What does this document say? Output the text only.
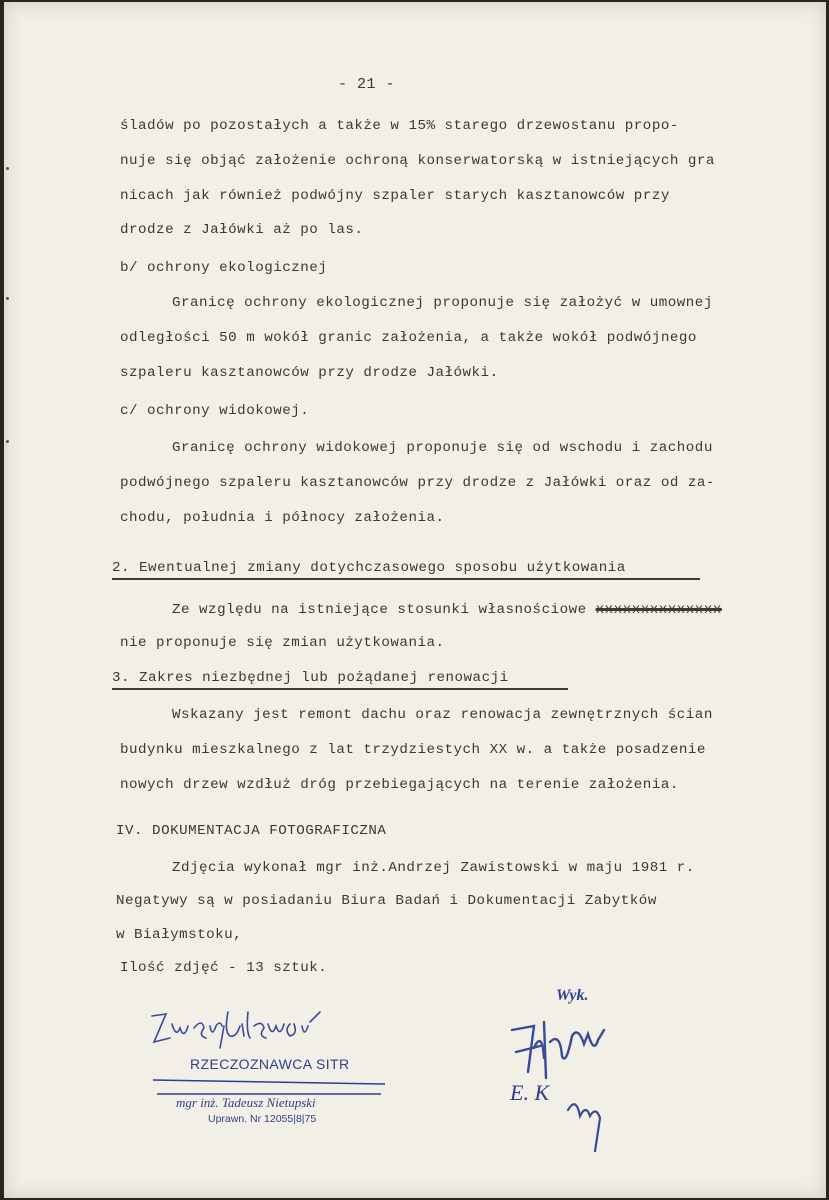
- 21 -
śladów po pozostałych a także w 15% starego drzewostanu propo-
nuje się objąć założenie ochroną konserwatorską w istniejących gra
nicach jak również podwójny szpaler starych kasztanowców przy
drodze z Jałówki aż po las.
b/ ochrony ekologicznej
Granicę ochrony ekologicznej proponuje się założyć w umownej
odległości 50 m wokół granic założenia, a także wokół podwójnego
szpaleru kasztanowców przy drodze Jałówki.
c/ ochrony widokowej.
Granicę ochrony widokowej proponuje się od wschodu i zachodu
podwójnego szpaleru kasztanowców przy drodze z Jałówki oraz od za-
chodu, południa i północy założenia.
2. Ewentualnej zmiany dotychczasowego sposobu użytkowania
Ze względu na istniejące stosunki własnościowe xxxxxxxxxxxxxx
nie proponuje się zmian użytkowania.
3. Zakres niezbędnej lub pożądanej renowacji
Wskazany jest remont dachu oraz renowacja zewnętrznych ścian
budynku mieszkalnego z lat trzydziestych XX w. a także posadzenie
nowych drzew wzdłuż dróg przebiegających na terenie założenia.
IV. DOKUMENTACJA FOTOGRAFICZNA
Zdjęcia wykonał mgr inż.Andrzej Zawistowski w maju 1981 r.
Negatywy są w posiadaniu Biura Badań i Dokumentacji Zabytków
w Białymstoku,
Ilość zdjęć - 13 sztuk.
RZECZOZNAWCA SITR
mgr inż. Tadeusz Nietupski
Uprawn. Nr 12055|8|75
Wyk.
E. K
